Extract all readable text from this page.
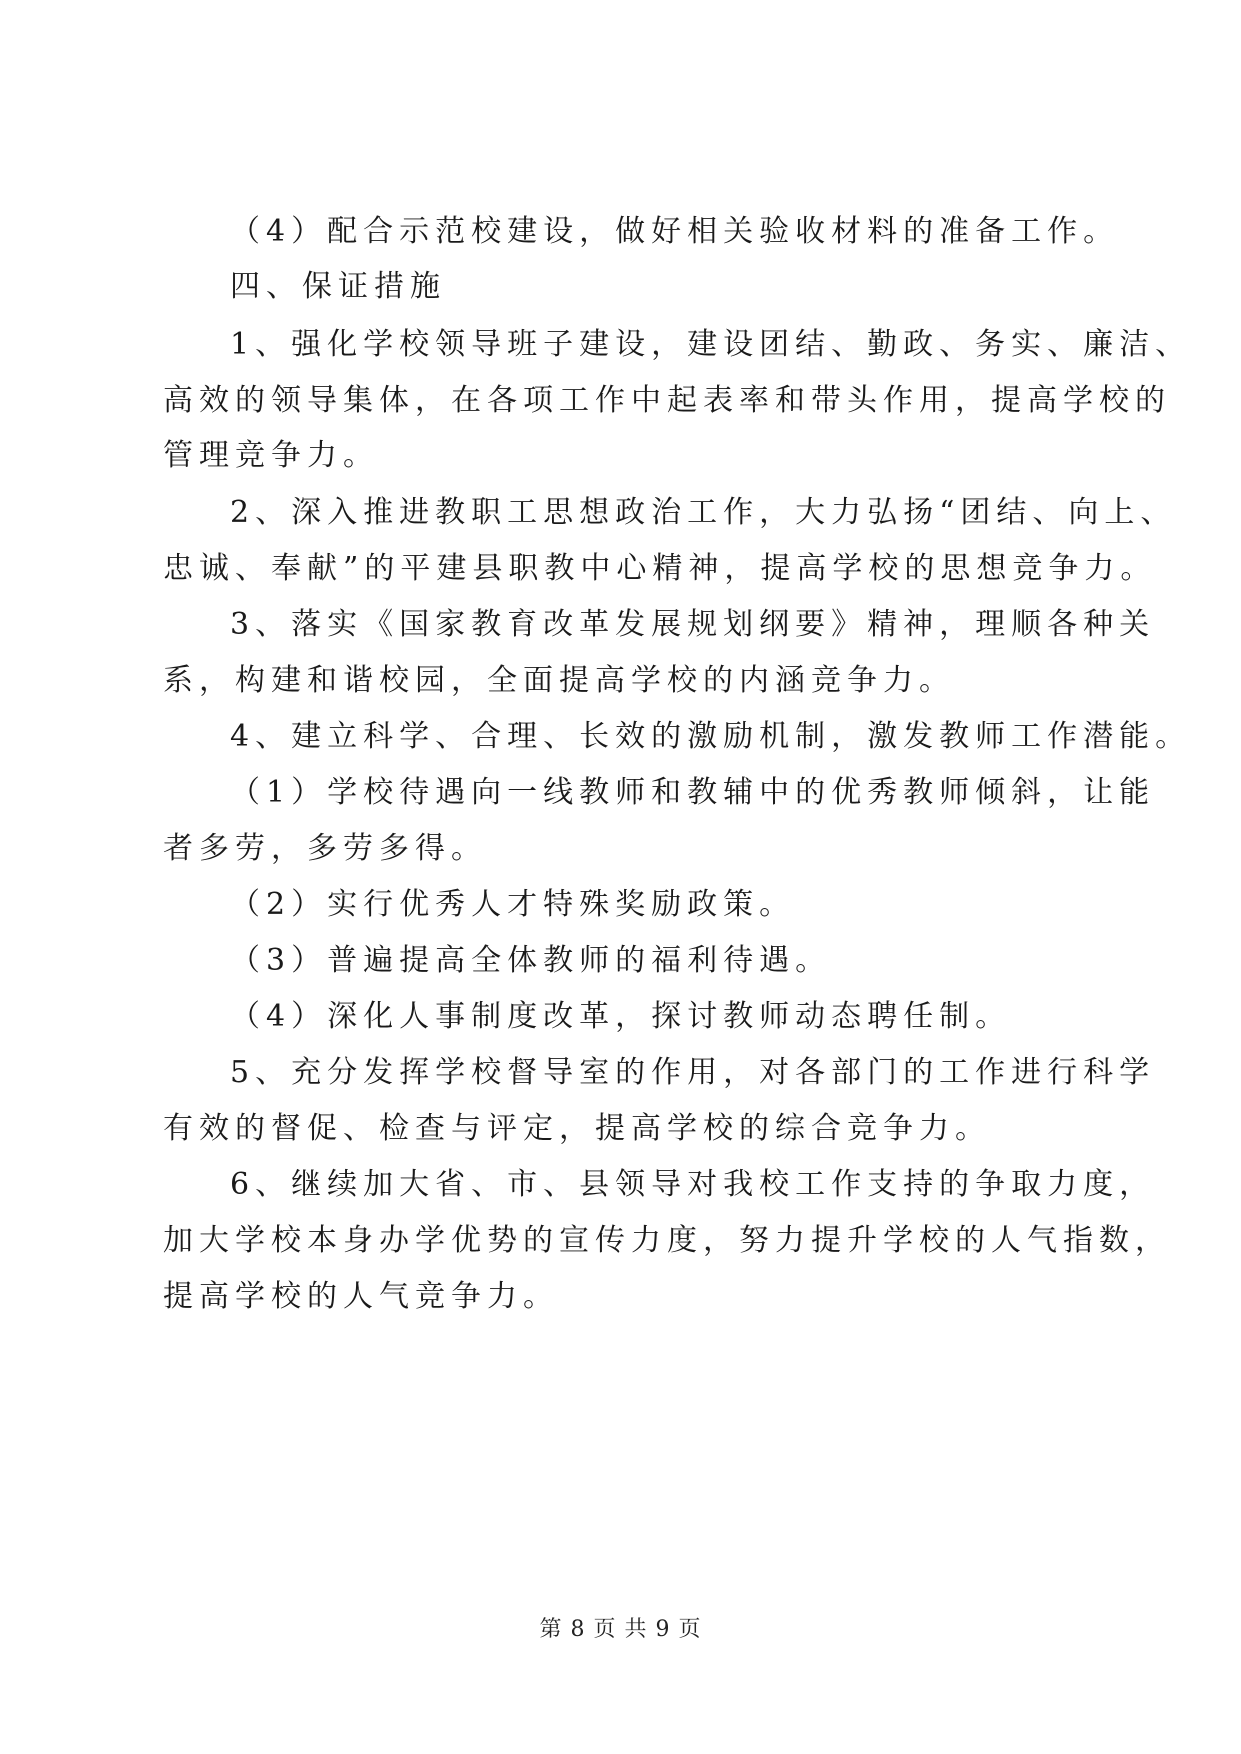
（4）配合示范校建设，做好相关验收材料的准备工作。
四、保证措施
1、强化学校领导班子建设，建设团结、勤政、务实、廉洁、
高效的领导集体，在各项工作中起表率和带头作用，提高学校的
管理竞争力。
2、深入推进教职工思想政治工作，大力弘扬“团结、向上、
忠诚、奉献”的平建县职教中心精神，提高学校的思想竞争力。
3、落实《国家教育改革发展规划纲要》精神，理顺各种关
系，构建和谐校园，全面提高学校的内涵竞争力。
4、建立科学、合理、长效的激励机制，激发教师工作潜能。
（1）学校待遇向一线教师和教辅中的优秀教师倾斜，让能
者多劳，多劳多得。
（2）实行优秀人才特殊奖励政策。
（3）普遍提高全体教师的福利待遇。
（4）深化人事制度改革，探讨教师动态聘任制。
5、充分发挥学校督导室的作用，对各部门的工作进行科学
有效的督促、检查与评定，提高学校的综合竞争力。
6、继续加大省、市、县领导对我校工作支持的争取力度，
加大学校本身办学优势的宣传力度，努力提升学校的人气指数，
提高学校的人气竞争力。
第 8 页 共 9 页
